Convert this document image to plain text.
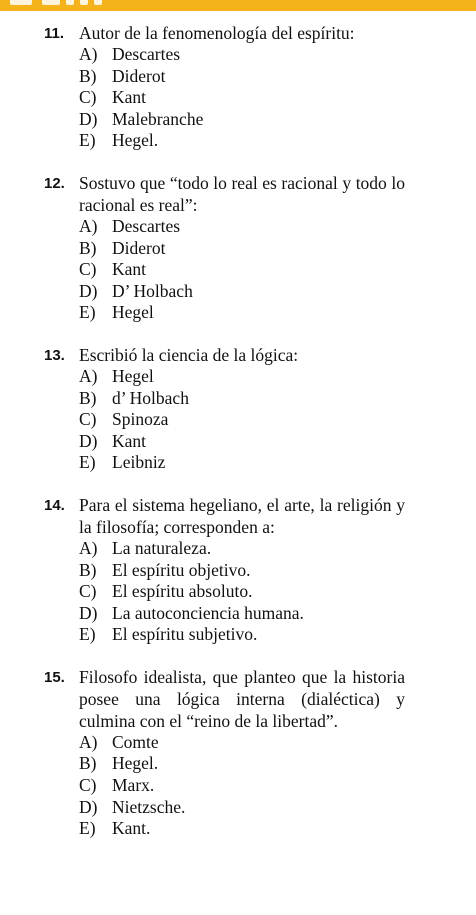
11. Autor de la fenomenología del espíritu:
A) Descartes
B) Diderot
C) Kant
D) Malebranche
E) Hegel.
12. Sostuvo que “todo lo real es racional y todo lo racional es real”:
A) Descartes
B) Diderot
C) Kant
D) D’ Holbach
E) Hegel
13. Escribió la ciencia de la lógica:
A) Hegel
B) d’ Holbach
C) Spinoza
D) Kant
E) Leibniz
14. Para el sistema hegeliano, el arte, la religión y la filosofía; corresponden a:
A) La naturaleza.
B) El espíritu objetivo.
C) El espíritu absoluto.
D) La autoconciencia humana.
E) El espíritu subjetivo.
15. Filosofo idealista, que planteo que la historia posee una lógica interna (dialéctica) y culmina con el “reino de la libertad”.
A) Comte
B) Hegel.
C) Marx.
D) Nietzsche.
E) Kant.
